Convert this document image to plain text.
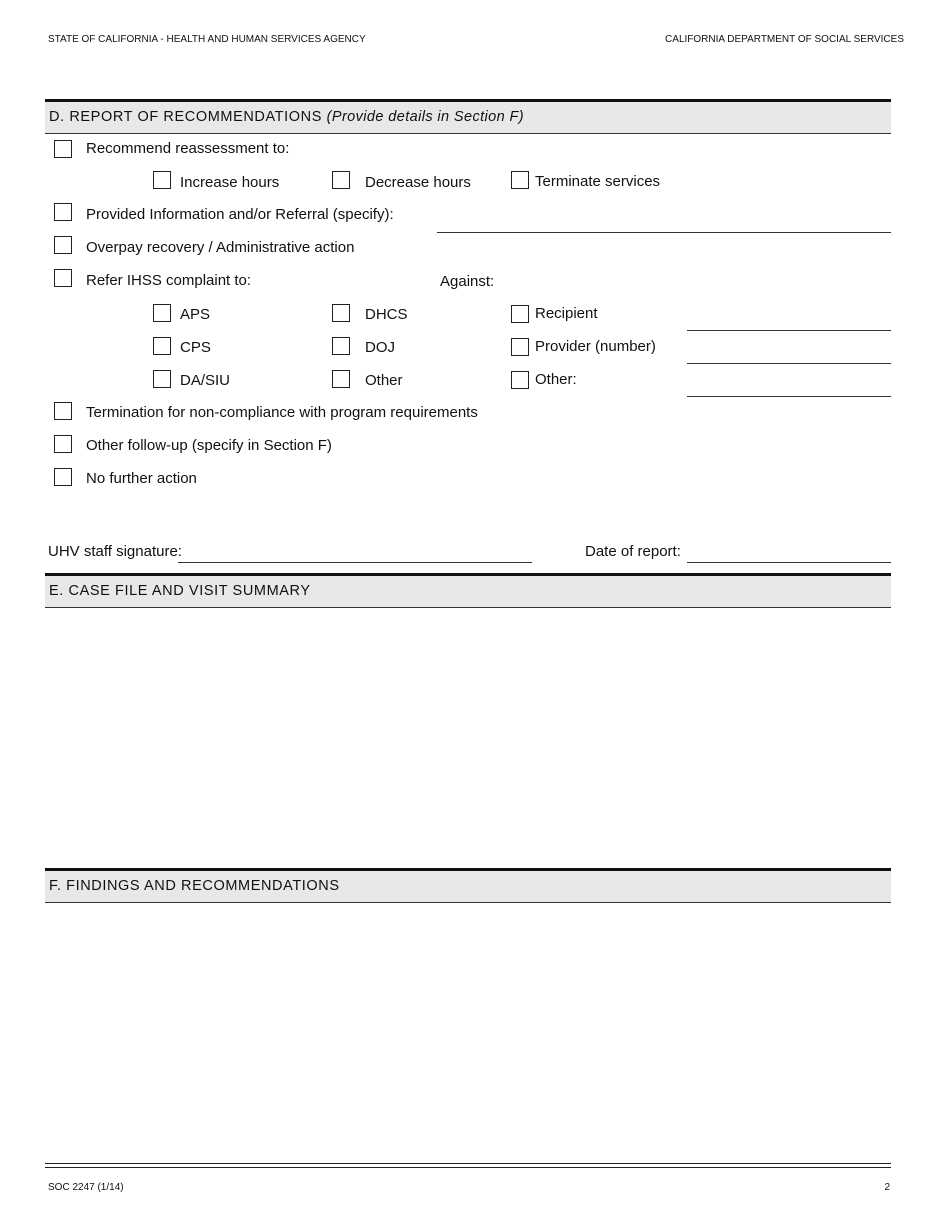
STATE OF CALIFORNIA - HEALTH AND HUMAN SERVICES AGENCY	CALIFORNIA DEPARTMENT OF SOCIAL SERVICES
D. REPORT OF RECOMMENDATIONS (Provide details in Section F)
Recommend reassessment to:
Increase hours	Decrease hours	Terminate services
Provided Information and/or Referral (specify):
Overpay recovery / Administrative action
Refer IHSS complaint to:	Against:
APS	DHCS	Recipient
CPS	DOJ	Provider (number)
DA/SIU	Other	Other:
Termination for non-compliance with program requirements
Other follow-up (specify in Section F)
No further action
UHV staff signature:	Date of report:
E. CASE FILE AND VISIT SUMMARY
F. FINDINGS AND RECOMMENDATIONS
SOC 2247 (1/14)	2
